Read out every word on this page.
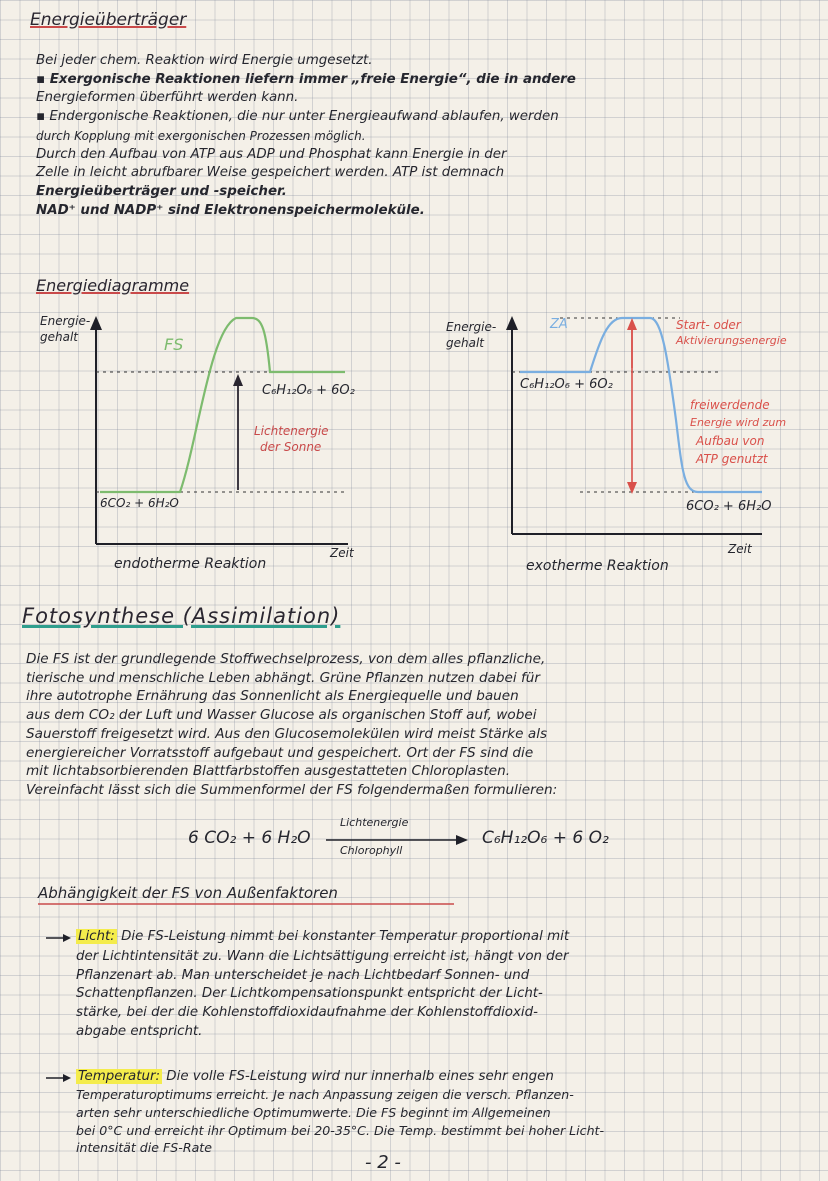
Energieüberträger

Bei jeder chem. Reaktion wird Energie umgesetzt.

▪ Exergonische Reaktionen liefern immer „freie Energie“, die in andere

Energieformen überführt werden kann.

▪ Endergonische Reaktionen, die nur unter Energieaufwand ablaufen, werden

durch Kopplung mit exergonischen Prozessen möglich.

Durch den Aufbau von ATP aus ADP und Phosphat kann Energie in der

Zelle in leicht abrufbarer Weise gespeichert werden. ATP ist demnach

Energieüberträger und -speicher.

NAD⁺ und NADP⁺ sind Elektronenspeichermoleküle.

Energiediagramme
Energie-
gehalt	FS
C₆H₁₂O₆ + 6O₂
Lichtenergie
der Sonne
6CO₂ + 6H₂O
Zeit
endotherme Reaktion
Energie-
gehalt
ZA	Start- oder
Aktivierungsenergie
C₆H₁₂O₆ + 6O₂
freiwerdende
Energie wird zum
Aufbau von
ATP genutzt
6CO₂ + 6H₂O
Zeit
exotherme Reaktion
Fotosynthese (Assimilation)

Die FS ist der grundlegende Stoffwechselprozess, von dem alles pflanzliche,

tierische und menschliche Leben abhängt. Grüne Pflanzen nutzen dabei für

ihre autotrophe Ernährung das Sonnenlicht als Energiequelle und bauen

aus dem CO₂ der Luft und Wasser Glucose als organischen Stoff auf, wobei

Sauerstoff freigesetzt wird. Aus den Glucosemolekülen wird meist Stärke als

energiereicher Vorratsstoff aufgebaut und gespeichert. Ort der FS sind die

mit lichtabsorbierenden Blattfarbstoffen ausgestatteten Chloroplasten.

Vereinfacht lässt sich die Summenformel der FS folgendermaßen formulieren:

6 CO₂ + 6 H₂O
Lichtenergie
Chlorophyll
C₆H₁₂O₆ + 6 O₂
Abhängigkeit der FS von Außenfaktoren

Licht: Die FS-Leistung nimmt bei konstanter Temperatur proportional mit

der Lichtintensität zu. Wann die Lichtsättigung erreicht ist, hängt von der

Pflanzenart ab. Man unterscheidet je nach Lichtbedarf Sonnen- und

Schattenpflanzen. Der Lichtkompensationspunkt entspricht der Licht-

stärke, bei der die Kohlenstoffdioxidaufnahme der Kohlenstoffdioxid-

abgabe entspricht.

Temperatur: Die volle FS-Leistung wird nur innerhalb eines sehr engen

Temperaturoptimums erreicht. Je nach Anpassung zeigen die versch. Pflanzen-

arten sehr unterschiedliche Optimumwerte. Die FS beginnt im Allgemeinen

bei 0°C und erreicht ihr Optimum bei 20-35°C. Die Temp. bestimmt bei hoher Licht-

intensität die FS-Rate

- 2 -
